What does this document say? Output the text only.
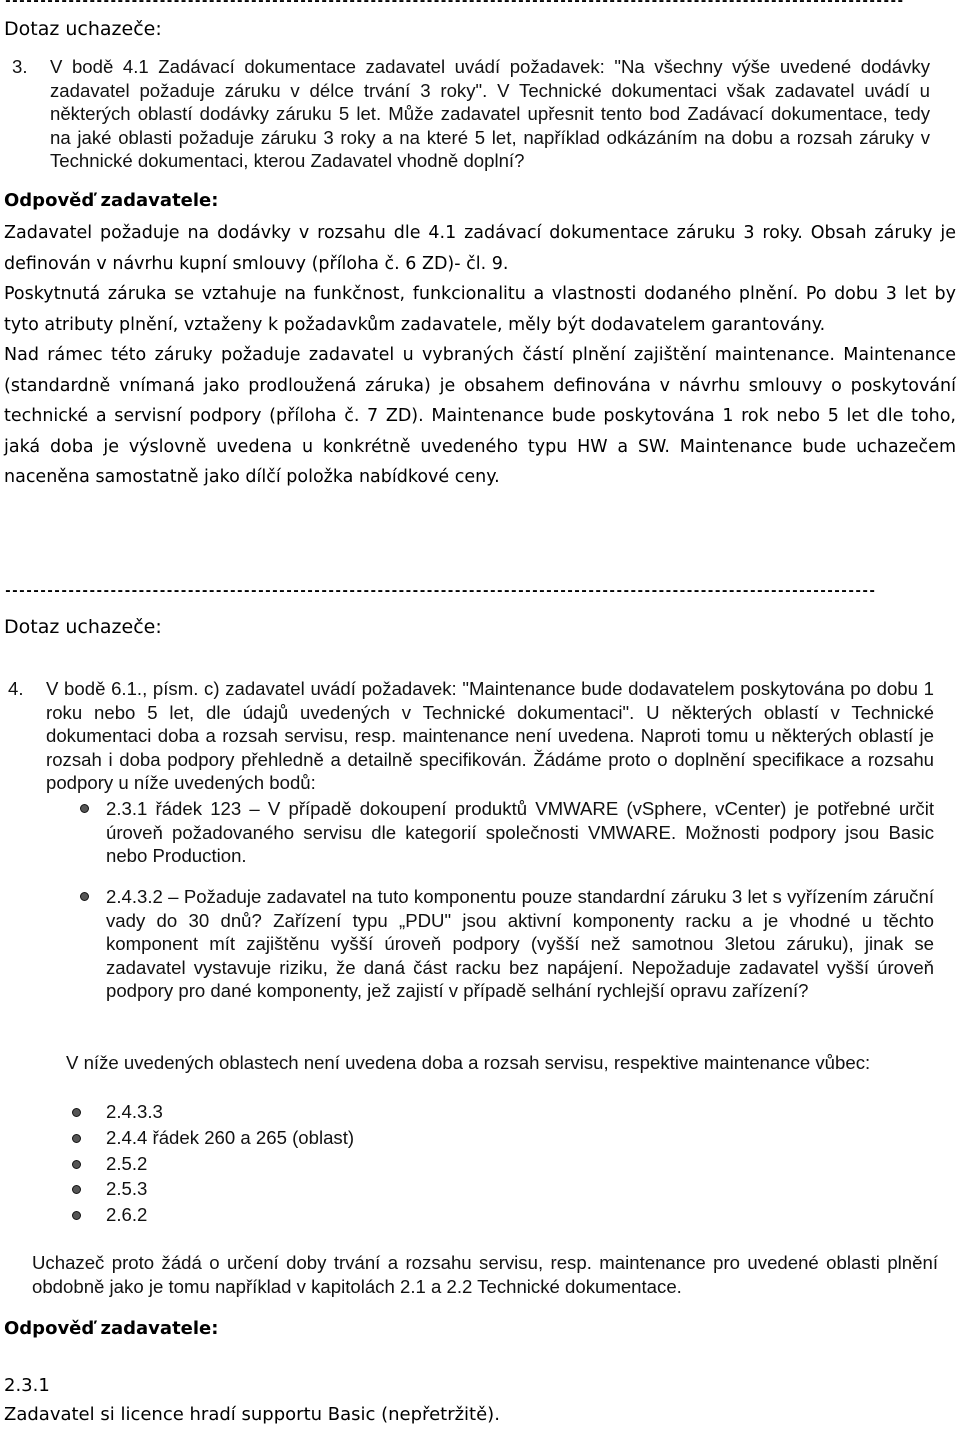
--------------------------------------------------------------------------------------------------------------------------------
Dotaz uchazeče:
3. V bodě 4.1 Zadávací dokumentace zadavatel uvádí požadavek: "Na všechny výše uvedené dodávky zadavatel požaduje záruku v délce trvání 3 roky". V Technické dokumentaci však zadavatel uvádí u některých oblastí dodávky záruku 5 let. Může zadavatel upřesnit tento bod Zadávací dokumentace, tedy na jaké oblasti požaduje záruku 3 roky a na které 5 let, například odkázáním na dobu a rozsah záruky v Technické dokumentaci, kterou Zadavatel vhodně doplní?
Odpověď zadavatele:

Zadavatel požaduje na dodávky v rozsahu dle 4.1 zadávací dokumentace záruku 3 roky. Obsah záruky je definován v návrhu kupní smlouvy (příloha č. 6 ZD)- čl. 9.

Poskytnutá záruka se vztahuje na funkčnost, funkcionalitu a vlastnosti dodaného plnění. Po dobu 3 let by tyto atributy plnění, vztaženy k požadavkům zadavatele, měly být dodavatelem garantovány.

Nad rámec této záruky požaduje zadavatel u vybraných částí plnění zajištění maintenance. Maintenance (standardně vnímaná jako prodloužená záruka) je obsahem definována v návrhu smlouvy o poskytování technické a servisní podpory (příloha č. 7 ZD). Maintenance bude poskytována 1 rok nebo 5 let dle toho, jaká doba je výslovně uvedena u konkrétně uvedeného typu HW a SW. Maintenance bude uchazečem naceněna samostatně jako dílčí položka nabídkové ceny.

----------------------------------------------------------------------------------------------------------------------------
Dotaz uchazeče:
4. V bodě 6.1., písm. c) zadavatel uvádí požadavek: "Maintenance bude dodavatelem poskytována po dobu 1 roku nebo 5 let, dle údajů uvedených v Technické dokumentaci". U některých oblastí v Technické dokumentaci doba a rozsah servisu, resp. maintenance není uvedena. Naproti tomu u některých oblastí je rozsah i doba podpory přehledně a detailně specifikován. Žádáme proto o doplnění specifikace a rozsahu podpory u níže uvedených bodů:
2.3.1 řádek 123 – V případě dokoupení produktů VMWARE (vSphere, vCenter) je potřebné určit úroveň požadovaného servisu dle kategorií společnosti VMWARE. Možnosti podpory jsou Basic nebo Production.
2.4.3.2 – Požaduje zadavatel na tuto komponentu pouze standardní záruku 3 let s vyřízením záruční vady do 30 dnů? Zařízení typu „PDU" jsou aktivní komponenty racku a je vhodné u těchto komponent mít zajištěnu vyšší úroveň podpory (vyšší než samotnou 3letou záruku), jinak se zadavatel vystavuje riziku, že daná část racku bez napájení. Nepožaduje zadavatel vyšší úroveň podpory pro dané komponenty, jež zajistí v případě selhání rychlejší opravu zařízení?
V níže uvedených oblastech není uvedena doba a rozsah servisu, respektive maintenance vůbec:
2.4.3.3
2.4.4 řádek 260 a 265 (oblast)
2.5.2
2.5.3
2.6.2
Uchazeč proto žádá o určení doby trvání a rozsahu servisu, resp. maintenance pro uvedené oblasti plnění obdobně jako je tomu například v kapitolách 2.1 a 2.2 Technické dokumentace.
Odpověď zadavatele:
2.3.1
Zadavatel si licence hradí supportu Basic (nepřetržitě).
